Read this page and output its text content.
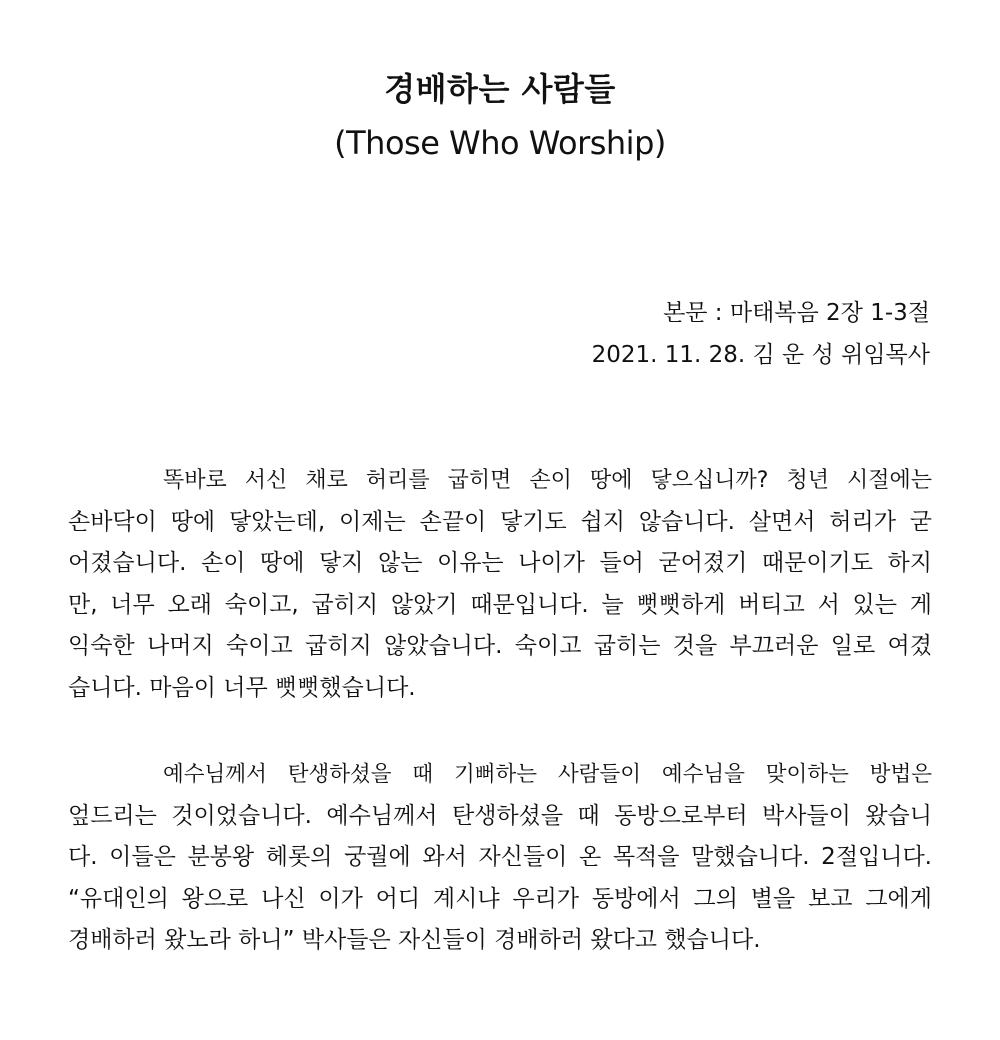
경배하는 사람들
(Those Who Worship)
본문 : 마태복음 2장 1-3절
2021. 11. 28. 김 운 성 위임목사
똑바로 서신 채로 허리를 굽히면 손이 땅에 닿으십니까? 청년 시절에는
손바닥이 땅에 닿았는데, 이제는 손끝이 닿기도 쉽지 않습니다. 살면서 허리가 굳
어졌습니다. 손이 땅에 닿지 않는 이유는 나이가 들어 굳어졌기 때문이기도 하지
만, 너무 오래 숙이고, 굽히지 않았기 때문입니다. 늘 뻣뻣하게 버티고 서 있는 게
익숙한 나머지 숙이고 굽히지 않았습니다. 숙이고 굽히는 것을 부끄러운 일로 여겼
습니다. 마음이 너무 뻣뻣했습니다.
예수님께서 탄생하셨을 때 기뻐하는 사람들이 예수님을 맞이하는 방법은
엎드리는 것이었습니다. 예수님께서 탄생하셨을 때 동방으로부터 박사들이 왔습니
다. 이들은 분봉왕 헤롯의 궁궐에 와서 자신들이 온 목적을 말했습니다. 2절입니다.
“유대인의 왕으로 나신 이가 어디 계시냐 우리가 동방에서 그의 별을 보고 그에게
경배하러 왔노라 하니” 박사들은 자신들이 경배하러 왔다고 했습니다.
